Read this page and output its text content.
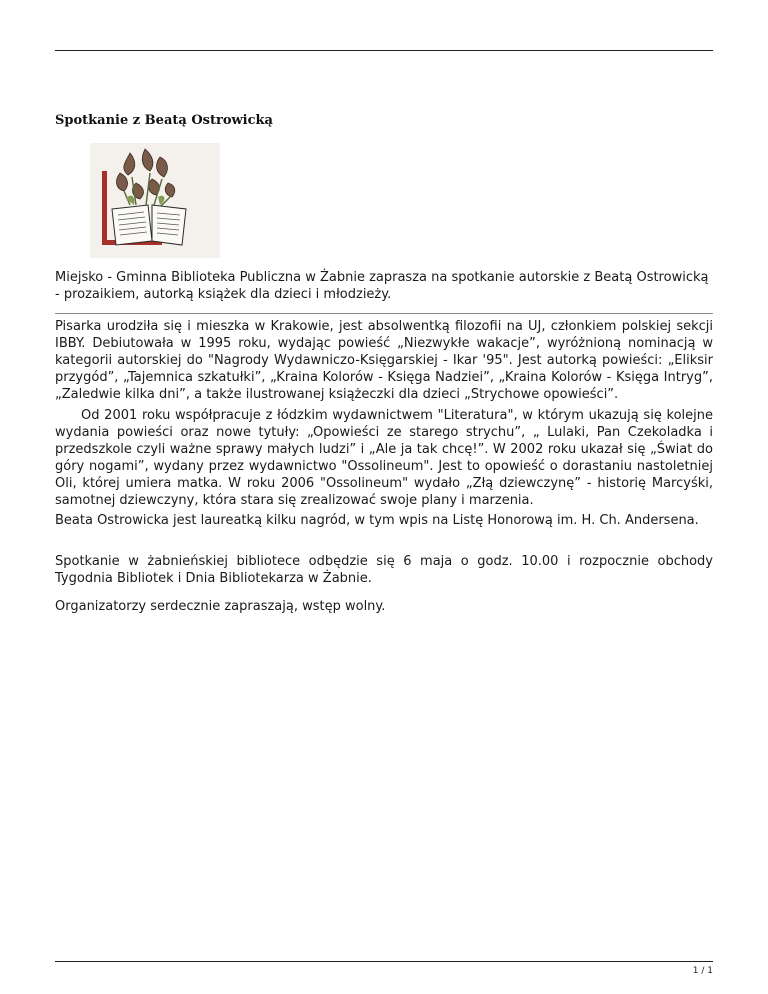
Spotkanie z Beatą Ostrowicką

Miejsko - Gminna Biblioteka Publiczna w Żabnie zaprasza na spotkanie autorskie z Beatą Ostrowicką - prozaikiem, autorką książek dla dzieci i młodzieży.

Pisarka urodziła się i mieszka w Krakowie, jest absolwentką filozofii na UJ, członkiem polskiej sekcji IBBY. Debiutowała w 1995 roku, wydając powieść „Niezwykłe wakacje”, wyróżnioną nominacją w kategorii autorskiej do "Nagrody Wydawniczo-Księgarskiej - Ikar '95". Jest autorką powieści: „Eliksir przygód”, „Tajemnica szkatułki”, „Kraina Kolorów - Księga Nadziei”, „Kraina Kolorów - Księga Intryg”, „Zaledwie kilka dni”, a także ilustrowanej książeczki dla dzieci „Strychowe opowieści”.

Od 2001 roku współpracuje z łódzkim wydawnictwem "Literatura", w którym ukazują się kolejne wydania powieści oraz nowe tytuły: „Opowieści ze starego strychu”, „ Lulaki, Pan Czekoladka i przedszkole czyli ważne sprawy małych ludzi” i „Ale ja tak chcę!”. W 2002 roku ukazał się „Świat do góry nogami”, wydany przez wydawnictwo "Ossolineum". Jest to opowieść o dorastaniu nastoletniej Oli, której umiera matka. W roku 2006 "Ossolineum" wydało „Złą dziewczynę” - historię Marcyśki, samotnej dziewczyny, która stara się zrealizować swoje plany i marzenia.

Beata Ostrowicka jest laureatką kilku nagród, w tym wpis na Listę Honorową im. H. Ch. Andersena.

Spotkanie w żabnieńskiej bibliotece odbędzie się 6 maja o godz. 10.00 i rozpocznie obchody Tygodnia Bibliotek i Dnia Bibliotekarza w Żabnie.

Organizatorzy serdecznie zapraszają, wstęp wolny.

1 / 1
